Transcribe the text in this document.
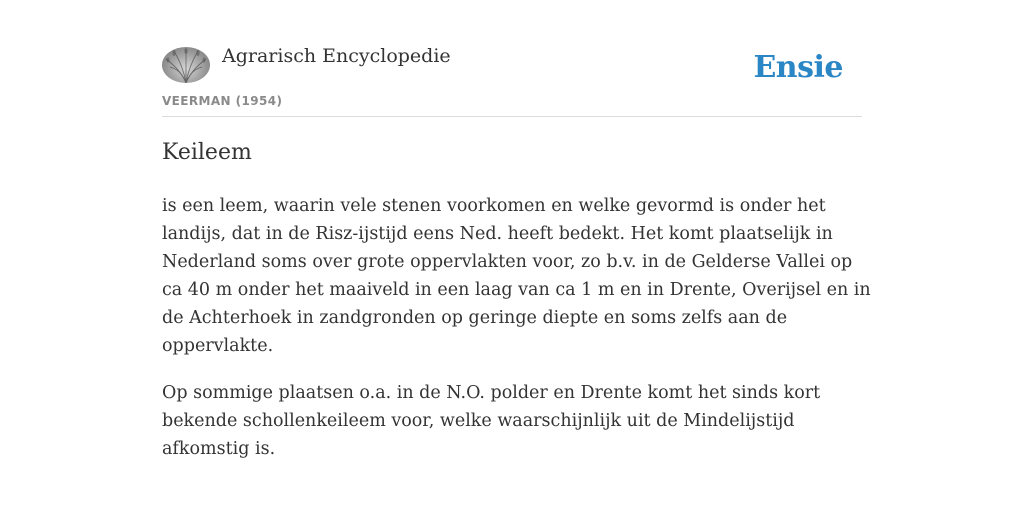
Agrarisch Encyclopedie
VEERMAN (1954)
Ensie
Keileem

is een leem, waarin vele stenen voorkomen en welke gevormd is onder het landijs, dat in de Risz-ijstijd eens Ned. heeft bedekt. Het komt plaatselijk in Nederland soms over grote oppervlakten voor, zo b.v. in de Gelderse Vallei op ca 40 m onder het maaiveld in een laag van ca 1 m en in Drente, Overijsel en in de Achterhoek in zandgronden op geringe diepte en soms zelfs aan de oppervlakte.

Op sommige plaatsen o.a. in de N.O. polder en Drente komt het sinds kort bekende schollenkeileem voor, welke waarschijnlijk uit de Mindelijstijd afkomstig is.
